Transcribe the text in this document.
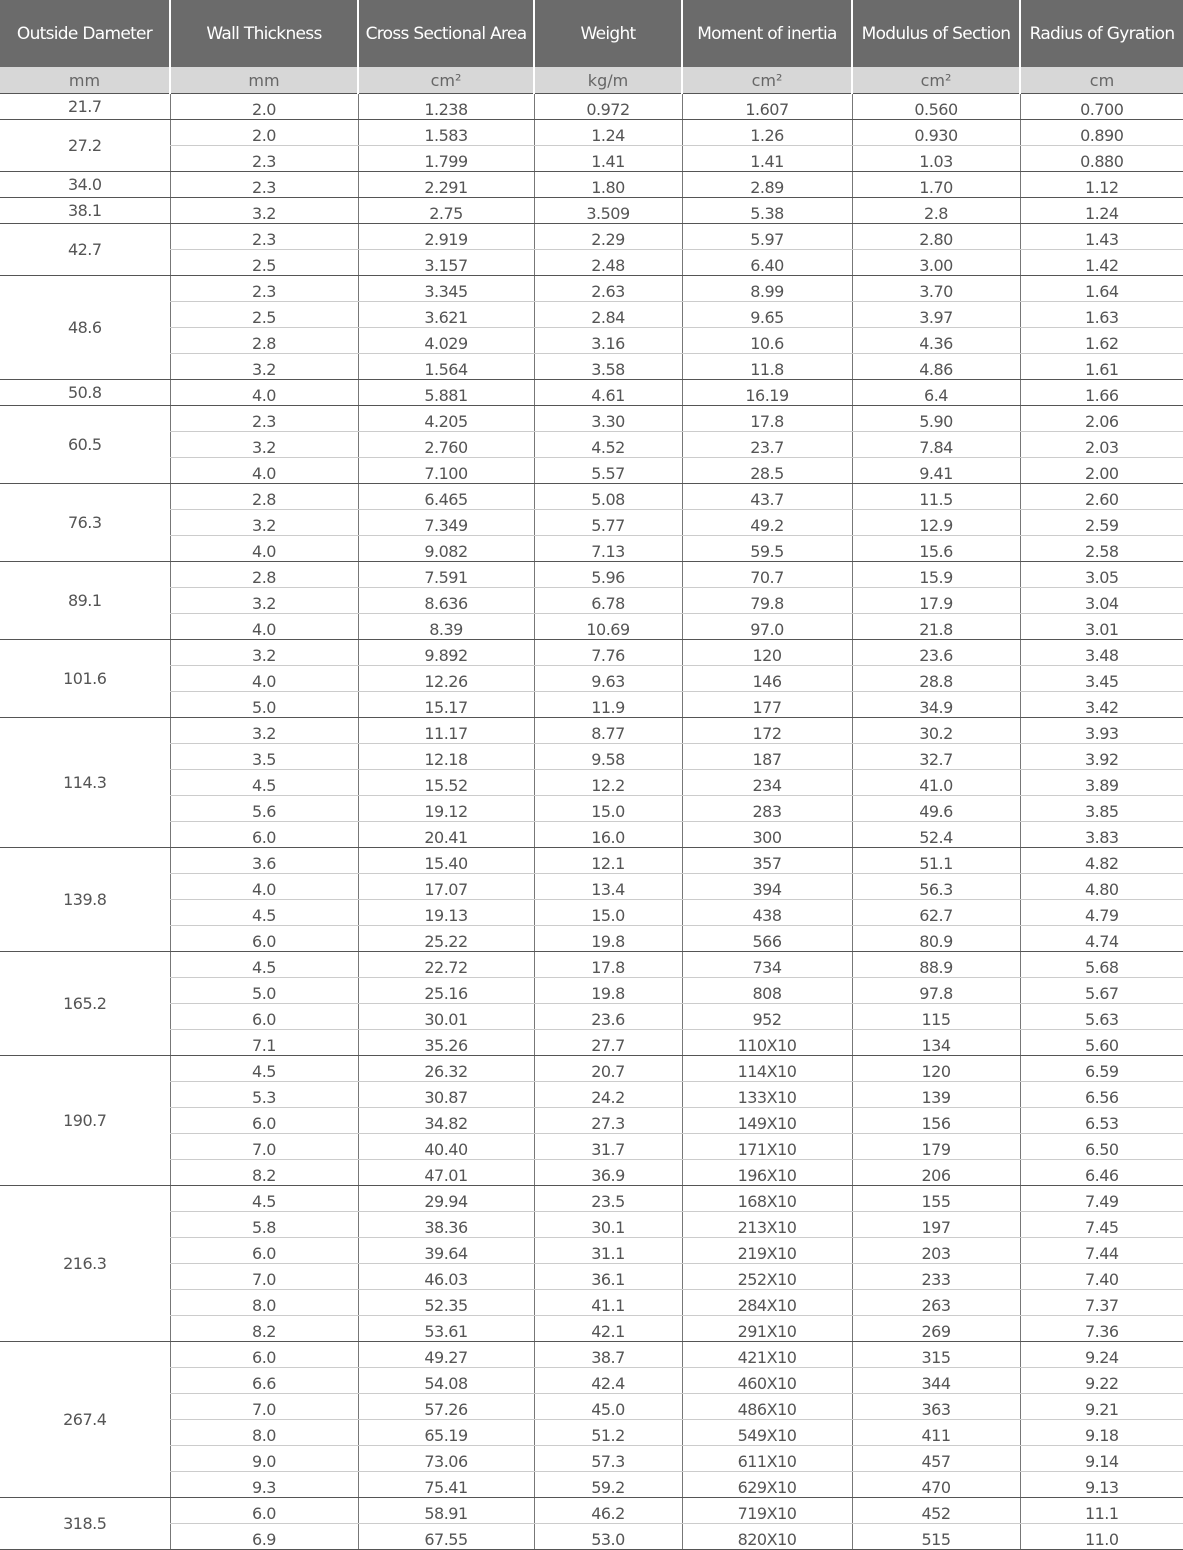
Outside Dameter	Wall Thickness	Cross Sectional Area	Weight	Moment of inertia	Modulus of Section	Radius of Gyration
mm	mm	cm²	kg/m	cm²	cm²	cm
21.7	2.0	1.238	0.972	1.607	0.560	0.700
27.2	2.0	1.583	1.24	1.26	0.930	0.890
	2.3	1.799	1.41	1.41	1.03	0.880
34.0	2.3	2.291	1.80	2.89	1.70	1.12
38.1	3.2	2.75	3.509	5.38	2.8	1.24
42.7	2.3	2.919	2.29	5.97	2.80	1.43
	2.5	3.157	2.48	6.40	3.00	1.42
48.6	2.3	3.345	2.63	8.99	3.70	1.64
	2.5	3.621	2.84	9.65	3.97	1.63
	2.8	4.029	3.16	10.6	4.36	1.62
	3.2	1.564	3.58	11.8	4.86	1.61
50.8	4.0	5.881	4.61	16.19	6.4	1.66
60.5	2.3	4.205	3.30	17.8	5.90	2.06
	3.2	2.760	4.52	23.7	7.84	2.03
	4.0	7.100	5.57	28.5	9.41	2.00
76.3	2.8	6.465	5.08	43.7	11.5	2.60
	3.2	7.349	5.77	49.2	12.9	2.59
	4.0	9.082	7.13	59.5	15.6	2.58
89.1	2.8	7.591	5.96	70.7	15.9	3.05
	3.2	8.636	6.78	79.8	17.9	3.04
	4.0	8.39	10.69	97.0	21.8	3.01
101.6	3.2	9.892	7.76	120	23.6	3.48
	4.0	12.26	9.63	146	28.8	3.45
	5.0	15.17	11.9	177	34.9	3.42
114.3	3.2	11.17	8.77	172	30.2	3.93
	3.5	12.18	9.58	187	32.7	3.92
	4.5	15.52	12.2	234	41.0	3.89
	5.6	19.12	15.0	283	49.6	3.85
	6.0	20.41	16.0	300	52.4	3.83
139.8	3.6	15.40	12.1	357	51.1	4.82
	4.0	17.07	13.4	394	56.3	4.80
	4.5	19.13	15.0	438	62.7	4.79
	6.0	25.22	19.8	566	80.9	4.74
165.2	4.5	22.72	17.8	734	88.9	5.68
	5.0	25.16	19.8	808	97.8	5.67
	6.0	30.01	23.6	952	115	5.63
	7.1	35.26	27.7	110X10	134	5.60
190.7	4.5	26.32	20.7	114X10	120	6.59
	5.3	30.87	24.2	133X10	139	6.56
	6.0	34.82	27.3	149X10	156	6.53
	7.0	40.40	31.7	171X10	179	6.50
	8.2	47.01	36.9	196X10	206	6.46
216.3	4.5	29.94	23.5	168X10	155	7.49
	5.8	38.36	30.1	213X10	197	7.45
	6.0	39.64	31.1	219X10	203	7.44
	7.0	46.03	36.1	252X10	233	7.40
	8.0	52.35	41.1	284X10	263	7.37
	8.2	53.61	42.1	291X10	269	7.36
267.4	6.0	49.27	38.7	421X10	315	9.24
	6.6	54.08	42.4	460X10	344	9.22
	7.0	57.26	45.0	486X10	363	9.21
	8.0	65.19	51.2	549X10	411	9.18
	9.0	73.06	57.3	611X10	457	9.14
	9.3	75.41	59.2	629X10	470	9.13
318.5	6.0	58.91	46.2	719X10	452	11.1
	6.9	67.55	53.0	820X10	515	11.0
